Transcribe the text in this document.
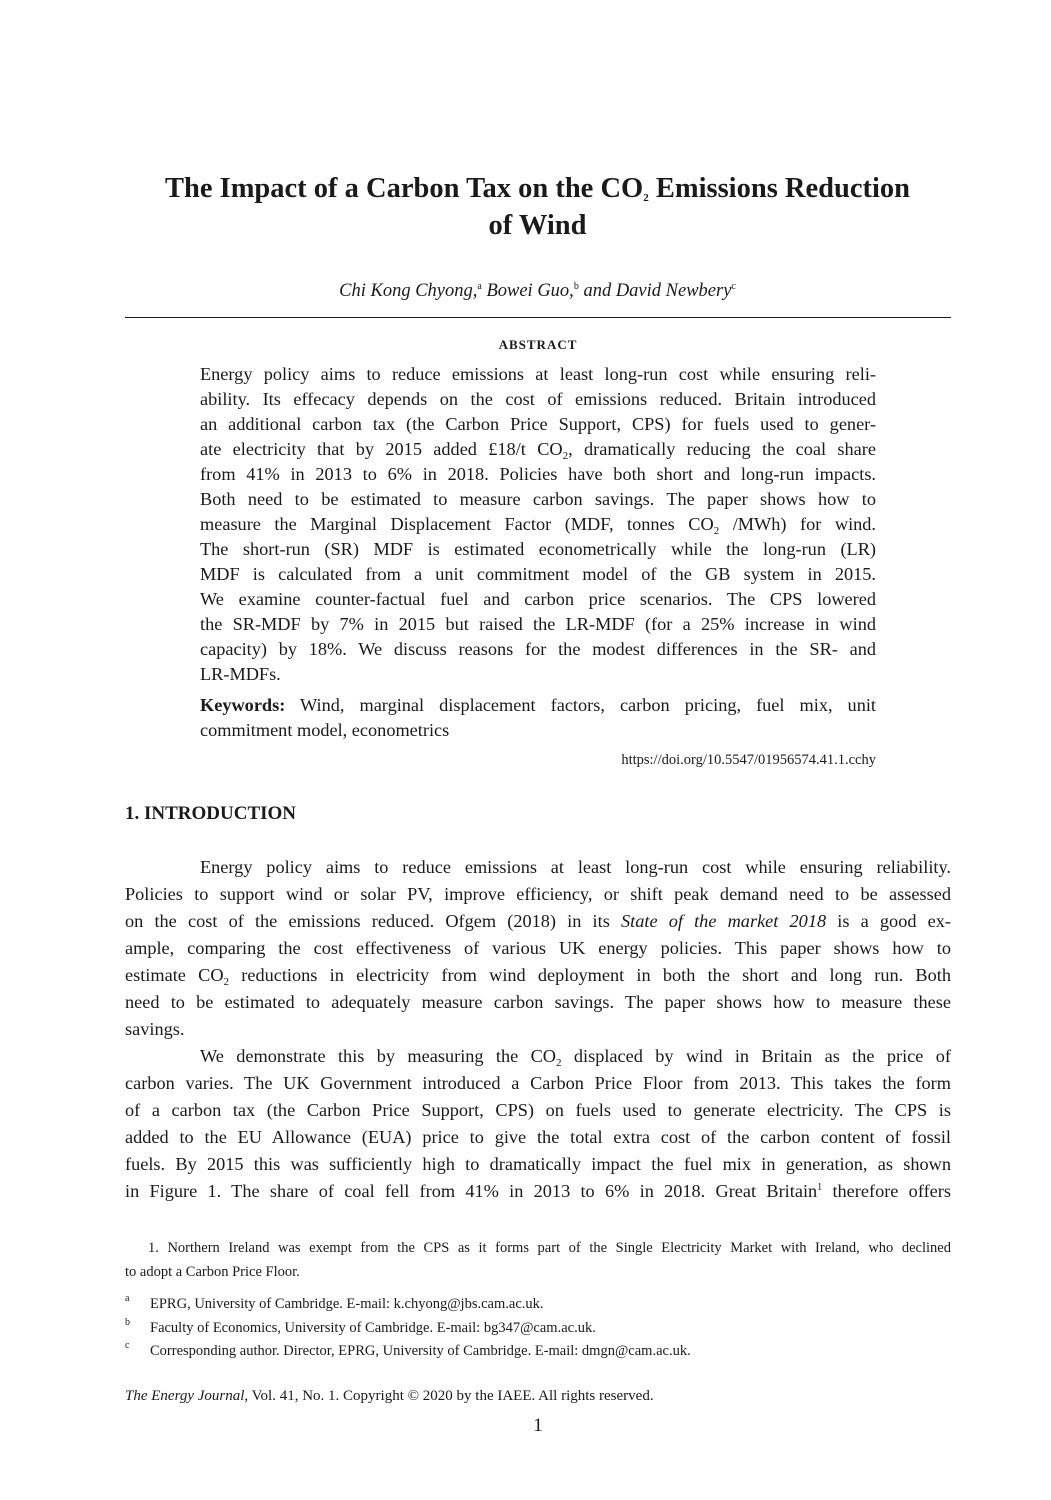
The Impact of a Carbon Tax on the $CO_2$ Emissions Reduction
of Wind
Chi Kong Chyong,$^a$ Bowei Guo,$^b$ and David Newbery$^c$
ABSTRACT
Energy policy aims to reduce emissions at least long-run cost while ensuring reli-
ability. Its effecacy depends on the cost of emissions reduced. Britain introduced
an additional carbon tax (the Carbon Price Support, CPS) for fuels used to gener-
ate electricity that by 2015 added £18/t $CO_2$, dramatically reducing the coal share
from 41% in 2013 to 6% in 2018. Policies have both short and long-run impacts.
Both need to be estimated to measure carbon savings. The paper shows how to
measure the Marginal Displacement Factor (MDF, tonnes $CO_2$ /MWh) for wind.
The short-run (SR) MDF is estimated econometrically while the long-run (LR)
MDF is calculated from a unit commitment model of the GB system in 2015.
We examine counter-factual fuel and carbon price scenarios. The CPS lowered
the SR-MDF by 7% in 2015 but raised the LR-MDF (for a 25% increase in wind
capacity) by 18%. We discuss reasons for the modest differences in the SR- and
LR-MDFs.
Keywords: Wind, marginal displacement factors, carbon pricing, fuel mix, unit
commitment model, econometrics
https://doi.org/10.5547/01956574.41.1.cchy
1. INTRODUCTION
Energy policy aims to reduce emissions at least long-run cost while ensuring reliability.
Policies to support wind or solar PV, improve efficiency, or shift peak demand need to be assessed
on the cost of the emissions reduced. Ofgem (2018) in its State of the market 2018 is a good ex-
ample, comparing the cost effectiveness of various UK energy policies. This paper shows how to
estimate $CO_2$ reductions in electricity from wind deployment in both the short and long run. Both
need to be estimated to adequately measure carbon savings. The paper shows how to measure these
savings.
We demonstrate this by measuring the $CO_2$ displaced by wind in Britain as the price of
carbon varies. The UK Government introduced a Carbon Price Floor from 2013. This takes the form
of a carbon tax (the Carbon Price Support, CPS) on fuels used to generate electricity. The CPS is
added to the EU Allowance (EUA) price to give the total extra cost of the carbon content of fossil
fuels. By 2015 this was sufficiently high to dramatically impact the fuel mix in generation, as shown
in Figure 1. The share of coal fell from 41% in 2013 to 6% in 2018. Great Britain$^1$ therefore offers
1. Northern Ireland was exempt from the CPS as it forms part of the Single Electricity Market with Ireland, who declined
to adopt a Carbon Price Floor.
a EPRG, University of Cambridge. E-mail: k.chyong@jbs.cam.ac.uk.
b Faculty of Economics, University of Cambridge. E-mail: bg347@cam.ac.uk.
c Corresponding author. Director, EPRG, University of Cambridge. E-mail: dmgn@cam.ac.uk.
The Energy Journal, Vol. 41, No. 1. Copyright © 2020 by the IAEE. All rights reserved.
1
